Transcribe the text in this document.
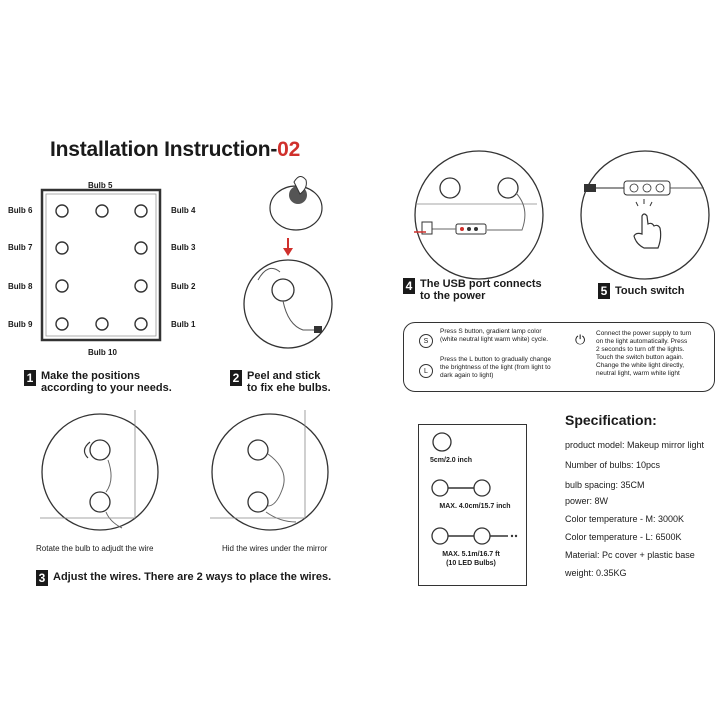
Installation Instruction-02
Bulb 5
Bulb 10
Bulb 6
Bulb 7
Bulb 8
Bulb 9
Bulb 4
Bulb 3
Bulb 2
Bulb 1
1 Make the positions
according to your needs.
2 Peel and stick
to fix ehe bulbs.
Rotate the bulb to adjudt the wire	Hid the wires under the mirror
3 Adjust the wires. There are 2 ways to place the wires.
4 The USB port connects
to the power	5 Touch switch
S
Press S button, gradient lamp color
(white neutral light warm white) cycle.
L
Press the L button to gradually change
the brightness of the light (from light to
dark again to light)
⏻ Connect the power supply to turn
on the light automatically. Press
2 seconds to turn off the lights.
Touch the switch button again.
Change the white light directly,
neutral light, warm white light
5cm/2.0 inch
MAX. 4.0cm/15.7 inch
MAX. 5.1m/16.7 ft
(10 LED Bulbs)
Specification:
product model: Makeup mirror light
Number of bulbs: 10pcs
bulb spacing: 35CM
power: 8W
Color temperature - M: 3000K
Color temperature - L: 6500K
Material: Pc cover + plastic base
weight: 0.35KG
